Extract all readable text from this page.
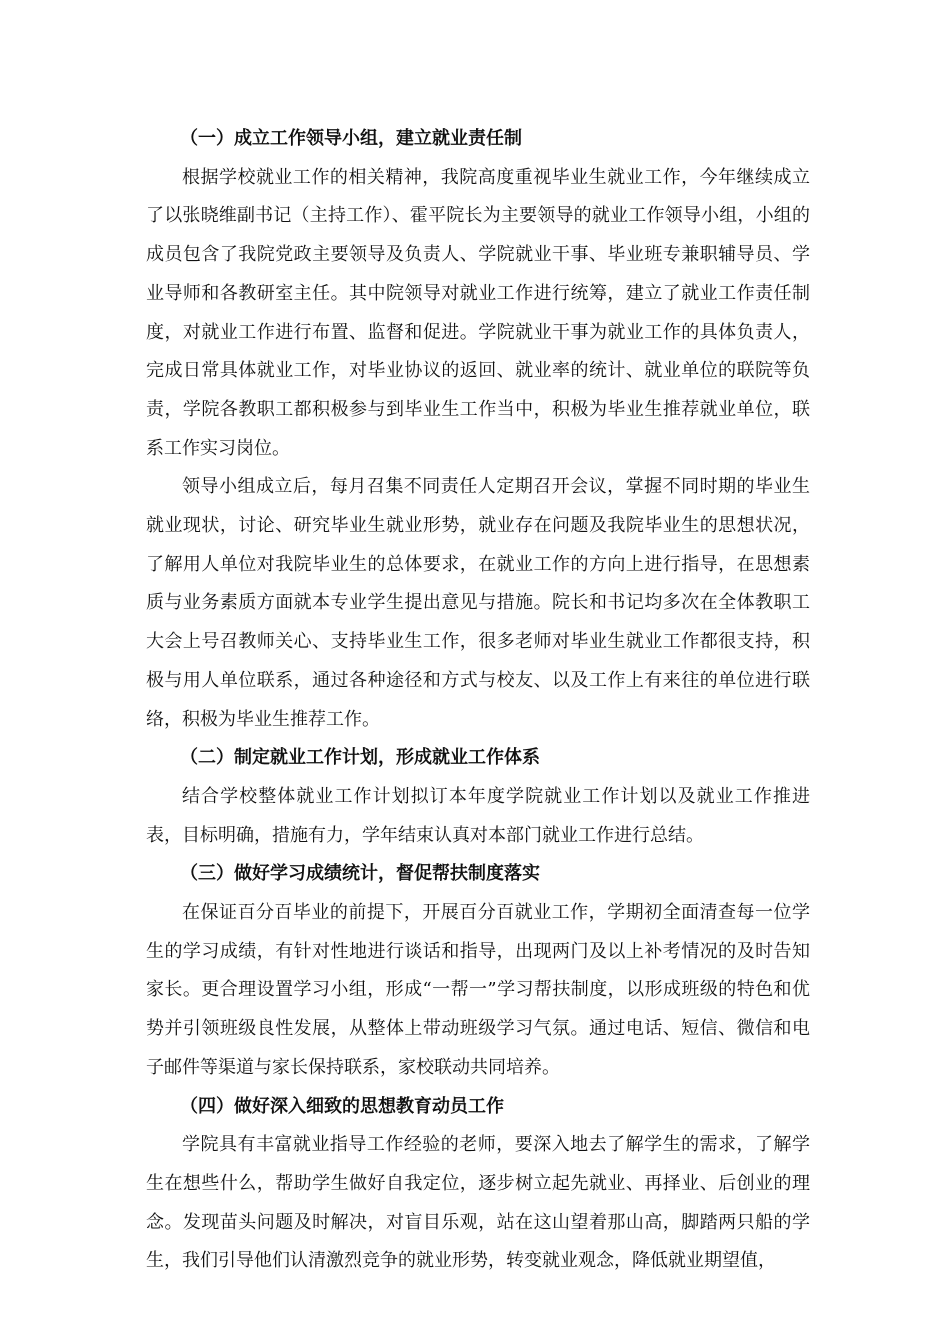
（一）成立工作领导小组，建立就业责任制

根据学校就业工作的相关精神，我院高度重视毕业生就业工作，今年继续成立了以张晓维副书记（主持工作）、霍平院长为主要领导的就业工作领导小组，小组的成员包含了我院党政主要领导及负责人、学院就业干事、毕业班专兼职辅导员、学业导师和各教研室主任。其中院领导对就业工作进行统筹，建立了就业工作责任制度，对就业工作进行布置、监督和促进。学院就业干事为就业工作的具体负责人，完成日常具体就业工作，对毕业协议的返回、就业率的统计、就业单位的联院等负责，学院各教职工都积极参与到毕业生工作当中，积极为毕业生推荐就业单位，联系工作实习岗位。

领导小组成立后，每月召集不同责任人定期召开会议，掌握不同时期的毕业生就业现状，讨论、研究毕业生就业形势，就业存在问题及我院毕业生的思想状况，了解用人单位对我院毕业生的总体要求，在就业工作的方向上进行指导，在思想素质与业务素质方面就本专业学生提出意见与措施。院长和书记均多次在全体教职工大会上号召教师关心、支持毕业生工作，很多老师对毕业生就业工作都很支持，积极与用人单位联系，通过各种途径和方式与校友、以及工作上有来往的单位进行联络，积极为毕业生推荐工作。

（二）制定就业工作计划，形成就业工作体系

结合学校整体就业工作计划拟订本年度学院就业工作计划以及就业工作推进表，目标明确，措施有力，学年结束认真对本部门就业工作进行总结。

（三）做好学习成绩统计，督促帮扶制度落实

在保证百分百毕业的前提下，开展百分百就业工作，学期初全面清查每一位学生的学习成绩，有针对性地进行谈话和指导，出现两门及以上补考情况的及时告知家长。更合理设置学习小组，形成“一帮一”学习帮扶制度，以形成班级的特色和优势并引领班级良性发展，从整体上带动班级学习气氛。通过电话、短信、微信和电子邮件等渠道与家长保持联系，家校联动共同培养。

（四）做好深入细致的思想教育动员工作

学院具有丰富就业指导工作经验的老师，要深入地去了解学生的需求，了解学生在想些什么，帮助学生做好自我定位，逐步树立起先就业、再择业、后创业的理念。发现苗头问题及时解决，对盲目乐观，站在这山望着那山高，脚踏两只船的学生，我们引导他们认清激烈竞争的就业形势，转变就业观念，降低就业期望值，
